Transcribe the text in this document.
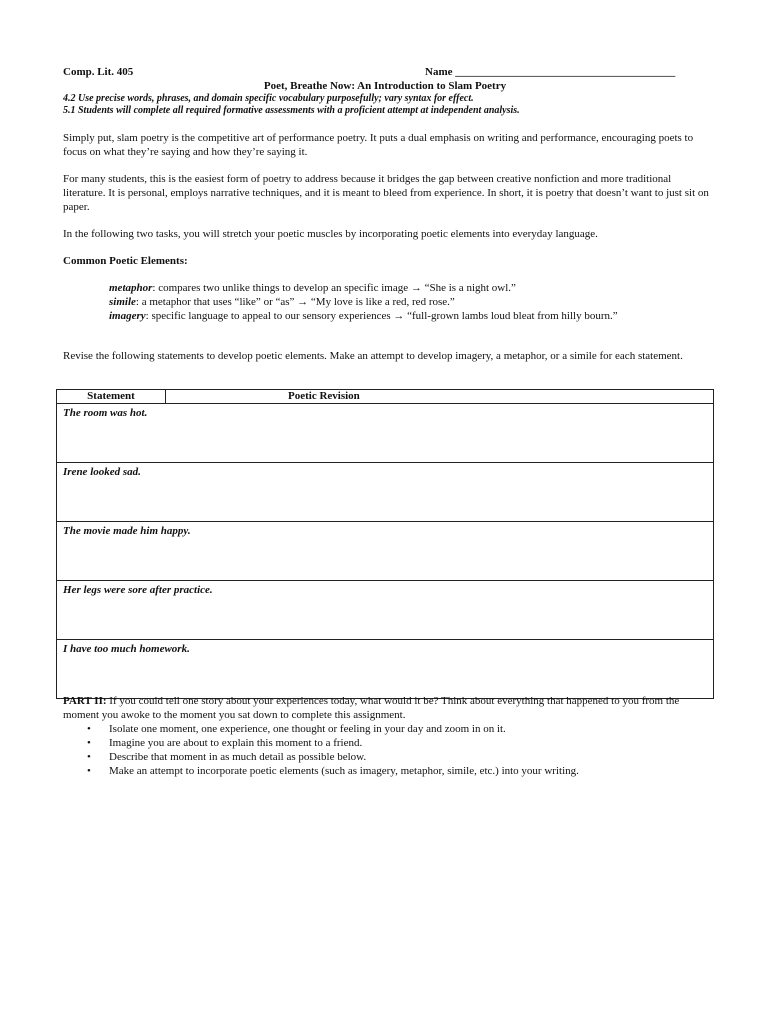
Comp. Lit. 405	Name ________________________________________
Poet, Breathe Now: An Introduction to Slam Poetry
4.2 Use precise words, phrases, and domain specific vocabulary purposefully; vary syntax for effect.
5.1 Students will complete all required formative assessments with a proficient attempt at independent analysis.
Simply put, slam poetry is the competitive art of performance poetry. It puts a dual emphasis on writing and performance, encouraging poets to focus on what they’re saying and how they’re saying it.
For many students, this is the easiest form of poetry to address because it bridges the gap between creative nonfiction and more traditional literature. It is personal, employs narrative techniques, and it is meant to bleed from experience. In short, it is poetry that doesn’t want to just sit on paper.
In the following two tasks, you will stretch your poetic muscles by incorporating poetic elements into everyday language.
Common Poetic Elements:
metaphor: compares two unlike things to develop an specific image → “She is a night owl.”
simile: a metaphor that uses “like” or “as” → “My love is like a red, red rose.”
imagery: specific language to appeal to our sensory experiences → “full-grown lambs loud bleat from hilly bourn.”
Revise the following statements to develop poetic elements. Make an attempt to develop imagery, a metaphor, or a simile for each statement.
Statement	Poetic Revision
The room was hot.
Irene looked sad.
The movie made him happy.
Her legs were sore after practice.
I have too much homework.
PART II: If you could tell one story about your experiences today, what would it be? Think about everything that happened to you from the moment you awoke to the moment you sat down to complete this assignment.
• Isolate one moment, one experience, one thought or feeling in your day and zoom in on it.
• Imagine you are about to explain this moment to a friend.
• Describe that moment in as much detail as possible below.
• Make an attempt to incorporate poetic elements (such as imagery, metaphor, simile, etc.) into your writing.
